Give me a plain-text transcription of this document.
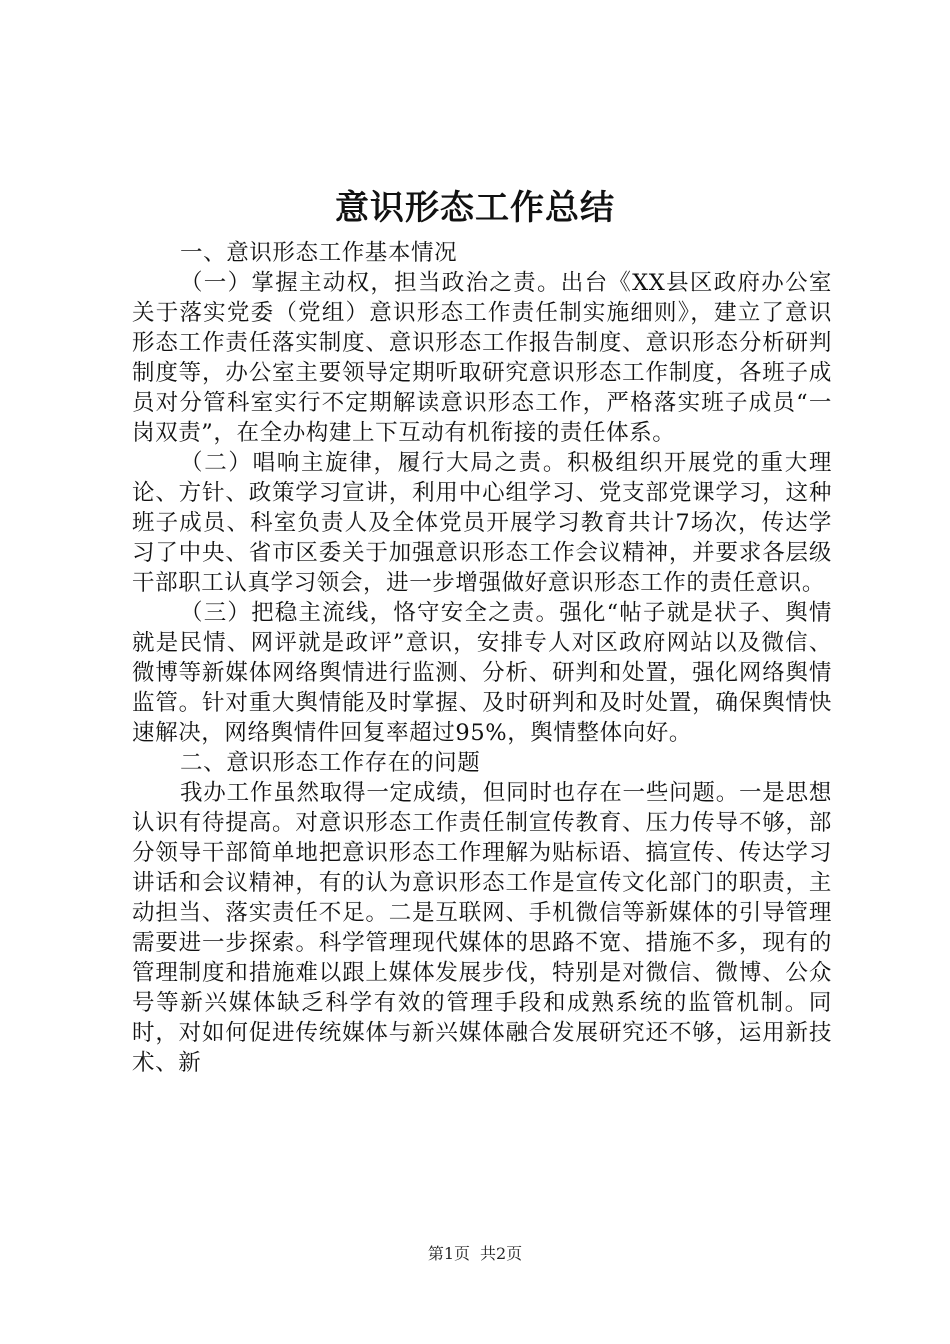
意识形态工作总结

一、意识形态工作基本情况

（一）掌握主动权，担当政治之责。出台《XX县区政府办公室关于落实党委（党组）意识形态工作责任制实施细则》，建立了意识形态工作责任落实制度、意识形态工作报告制度、意识形态分析研判制度等，办公室主要领导定期听取研究意识形态工作制度，各班子成员对分管科室实行不定期解读意识形态工作，严格落实班子成员“一岗双责”，在全办构建上下互动有机衔接的责任体系。

（二）唱响主旋律，履行大局之责。积极组织开展党的重大理论、方针、政策学习宣讲，利用中心组学习、党支部党课学习，这种班子成员、科室负责人及全体党员开展学习教育共计7场次，传达学习了中央、省市区委关于加强意识形态工作会议精神，并要求各层级干部职工认真学习领会，进一步增强做好意识形态工作的责任意识。

（三）把稳主流线，恪守安全之责。强化“帖子就是状子、舆情就是民情、网评就是政评”意识，安排专人对区政府网站以及微信、微博等新媒体网络舆情进行监测、分析、研判和处置，强化网络舆情监管。针对重大舆情能及时掌握、及时研判和及时处置，确保舆情快速解决，网络舆情件回复率超过95%，舆情整体向好。

二、意识形态工作存在的问题

我办工作虽然取得一定成绩，但同时也存在一些问题。一是思想认识有待提高。对意识形态工作责任制宣传教育、压力传导不够，部分领导干部简单地把意识形态工作理解为贴标语、搞宣传、传达学习讲话和会议精神，有的认为意识形态工作是宣传文化部门的职责，主动担当、落实责任不足。二是互联网、手机微信等新媒体的引导管理需要进一步探索。科学管理现代媒体的思路不宽、措施不多，现有的管理制度和措施难以跟上媒体发展步伐，特别是对微信、微博、公众号等新兴媒体缺乏科学有效的管理手段和成熟系统的监管机制。同时，对如何促进传统媒体与新兴媒体融合发展研究还不够，运用新技术、新

第1页 共2页
